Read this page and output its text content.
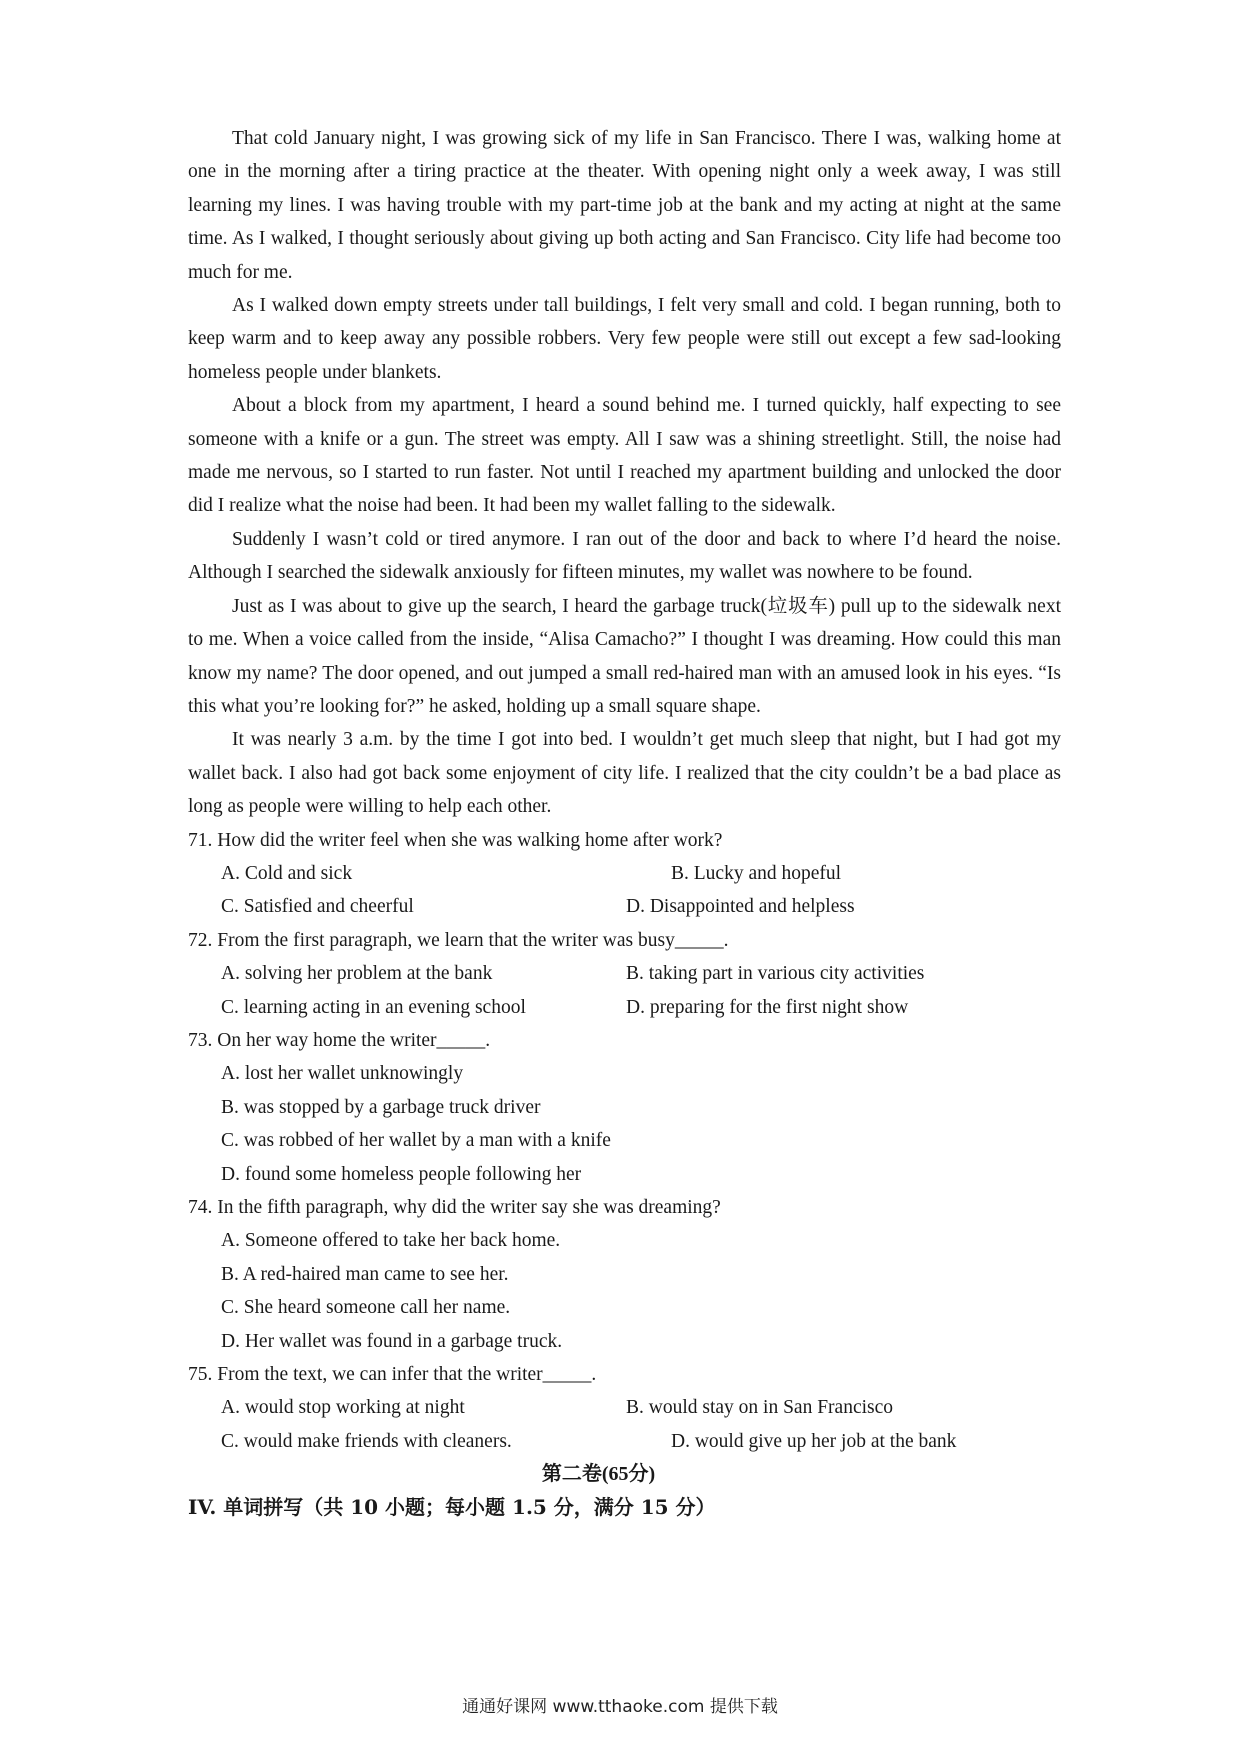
That cold January night, I was growing sick of my life in San Francisco. There I was, walking home at one in the morning after a tiring practice at the theater. With opening night only a week away, I was still learning my lines. I was having trouble with my part-time job at the bank and my acting at night at the same time. As I walked, I thought seriously about giving up both acting and San Francisco. City life had become too much for me.

As I walked down empty streets under tall buildings, I felt very small and cold. I began running, both to keep warm and to keep away any possible robbers. Very few people were still out except a few sad-looking homeless people under blankets.

About a block from my apartment, I heard a sound behind me. I turned quickly, half expecting to see someone with a knife or a gun. The street was empty. All I saw was a shining streetlight. Still, the noise had made me nervous, so I started to run faster. Not until I reached my apartment building and unlocked the door did I realize what the noise had been. It had been my wallet falling to the sidewalk.

Suddenly I wasn’t cold or tired anymore. I ran out of the door and back to where I’d heard the noise. Although I searched the sidewalk anxiously for fifteen minutes, my wallet was nowhere to be found.

Just as I was about to give up the search, I heard the garbage truck(垃圾车) pull up to the sidewalk next to me. When a voice called from the inside, “Alisa Camacho?” I thought I was dreaming. How could this man know my name? The door opened, and out jumped a small red-haired man with an amused look in his eyes. “Is this what you’re looking for?” he asked, holding up a small square shape.

It was nearly 3 a.m. by the time I got into bed. I wouldn’t get much sleep that night, but I had got my wallet back. I also had got back some enjoyment of city life. I realized that the city couldn’t be a bad place as long as people were willing to help each other.

71. How did the writer feel when she was walking home after work?

A. Cold and sick	B. Lucky and hopeful
C. Satisfied and cheerful	D. Disappointed and helpless

72. From the first paragraph, we learn that the writer was busy_____.

A. solving her problem at the bank	B. taking part in various city activities
C. learning acting in an evening school	D. preparing for the first night show

73. On her way home the writer_____.

A. lost her wallet unknowingly
B. was stopped by a garbage truck driver
C. was robbed of her wallet by a man with a knife
D. found some homeless people following her

74. In the fifth paragraph, why did the writer say she was dreaming?

A. Someone offered to take her back home.
B. A red-haired man came to see her.
C. She heard someone call her name.
D. Her wallet was found in a garbage truck.

75. From the text, we can infer that the writer_____.

A. would stop working at night	B. would stay on in San Francisco
C. would make friends with cleaners.	D. would give up her job at the bank

第二卷(65分)

IV. 单词拼写（共 10 小题；每小题 1.5 分，满分 15 分）

通通好课网 www.tthaoke.com 提供下载
